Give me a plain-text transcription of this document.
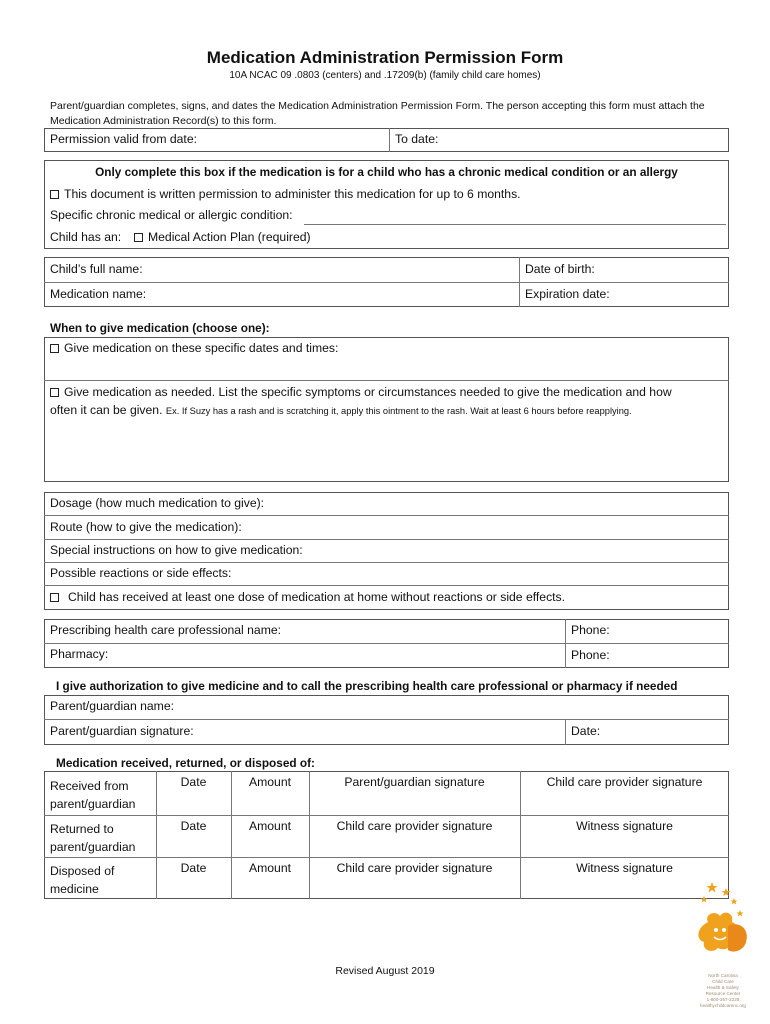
Medication Administration Permission Form
10A NCAC 09 .0803 (centers) and .17209(b) (family child care homes)
Parent/guardian completes, signs, and dates the Medication Administration Permission Form. The person accepting this form must attach the Medication Administration Record(s) to this form.
Permission valid from date:	To date:
Only complete this box if the medication is for a child who has a chronic medical condition or an allergy
This document is written permission to administer this medication for up to 6 months.
Specific chronic medical or allergic condition:
Child has an:	Medical Action Plan (required)
Child’s full name:	Date of birth:
Medication name:	Expiration date:
When to give medication (choose one):
Give medication on these specific dates and times:
Give medication as needed. List the specific symptoms or circumstances needed to give the medication and how
often it can be given. Ex. If Suzy has a rash and is scratching it, apply this ointment to the rash. Wait at least 6 hours before reapplying.
Dosage (how much medication to give):
Route (how to give the medication):
Special instructions on how to give medication:
Possible reactions or side effects:
Child has received at least one dose of medication at home without reactions or side effects.
Prescribing health care professional name:	Phone:
Pharmacy:	Phone:
I give authorization to give medicine and to call the prescribing health care professional or pharmacy if needed
Parent/guardian name:
Parent/guardian signature:	Date:
Medication received, returned, or disposed of:
Received from
parent/guardian
Date	Amount	Parent/guardian signature	Child care provider signature
Returned to
parent/guardian
Date	Amount	Child care provider signature	Witness signature
Disposed of
medicine
Date	Amount	Child care provider signature	Witness signature
Revised August 2019	North Carolina
Child Care
Health & Safety
Resource Center
1-800-367-2229
healthychildcarenc.org
